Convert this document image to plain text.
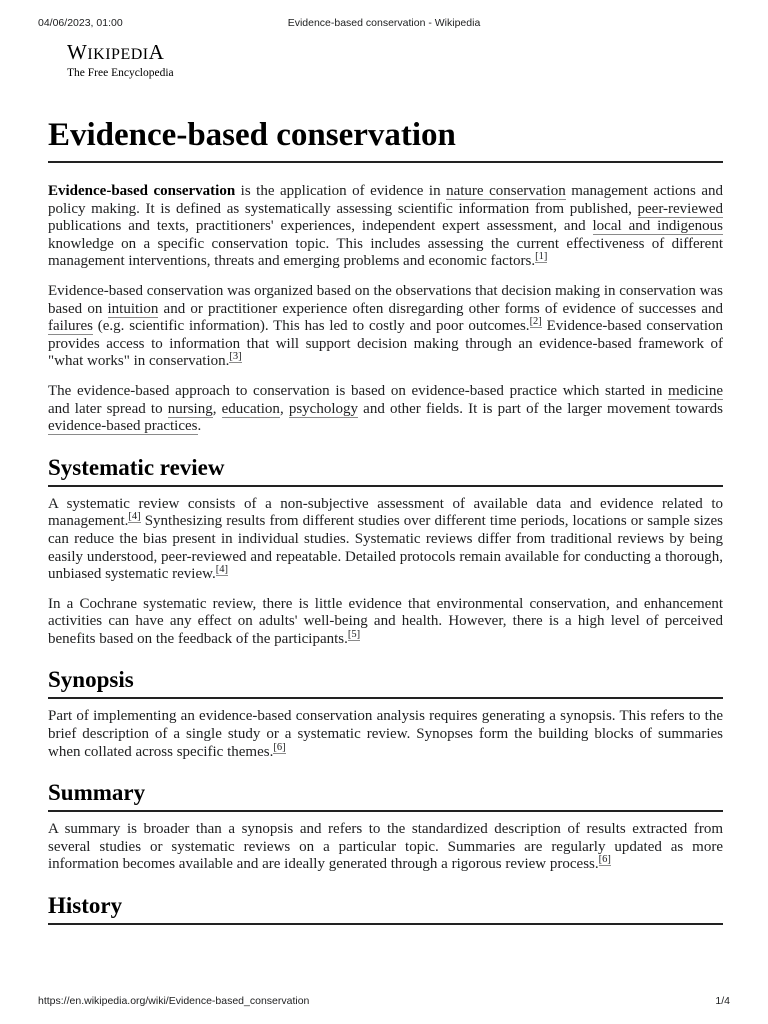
04/06/2023, 01:00	Evidence-based conservation - Wikipedia
WIKIPEDIA
The Free Encyclopedia
Evidence-based conservation

Evidence-based conservation is the application of evidence in nature conservation management actions and policy making. It is defined as systematically assessing scientific information from published, peer-reviewed publications and texts, practitioners' experiences, independent expert assessment, and local and indigenous knowledge on a specific conservation topic. This includes assessing the current effectiveness of different management interventions, threats and emerging problems and economic factors.[1]

Evidence-based conservation was organized based on the observations that decision making in conservation was based on intuition and or practitioner experience often disregarding other forms of evidence of successes and failures (e.g. scientific information). This has led to costly and poor outcomes.[2] Evidence-based conservation provides access to information that will support decision making through an evidence-based framework of "what works" in conservation.[3]

The evidence-based approach to conservation is based on evidence-based practice which started in medicine and later spread to nursing, education, psychology and other fields. It is part of the larger movement towards evidence-based practices.

Systematic review

A systematic review consists of a non-subjective assessment of available data and evidence related to management.[4] Synthesizing results from different studies over different time periods, locations or sample sizes can reduce the bias present in individual studies. Systematic reviews differ from traditional reviews by being easily understood, peer-reviewed and repeatable. Detailed protocols remain available for conducting a thorough, unbiased systematic review.[4]

In a Cochrane systematic review, there is little evidence that environmental conservation, and enhancement activities can have any effect on adults' well-being and health. However, there is a high level of perceived benefits based on the feedback of the participants.[5]

Synopsis

Part of implementing an evidence-based conservation analysis requires generating a synopsis. This refers to the brief description of a single study or a systematic review. Synopses form the building blocks of summaries when collated across specific themes.[6]

Summary

A summary is broader than a synopsis and refers to the standardized description of results extracted from several studies or systematic reviews on a particular topic. Summaries are regularly updated as more information becomes available and are ideally generated through a rigorous review process.[6]

History
https://en.wikipedia.org/wiki/Evidence-based_conservation	1/4
